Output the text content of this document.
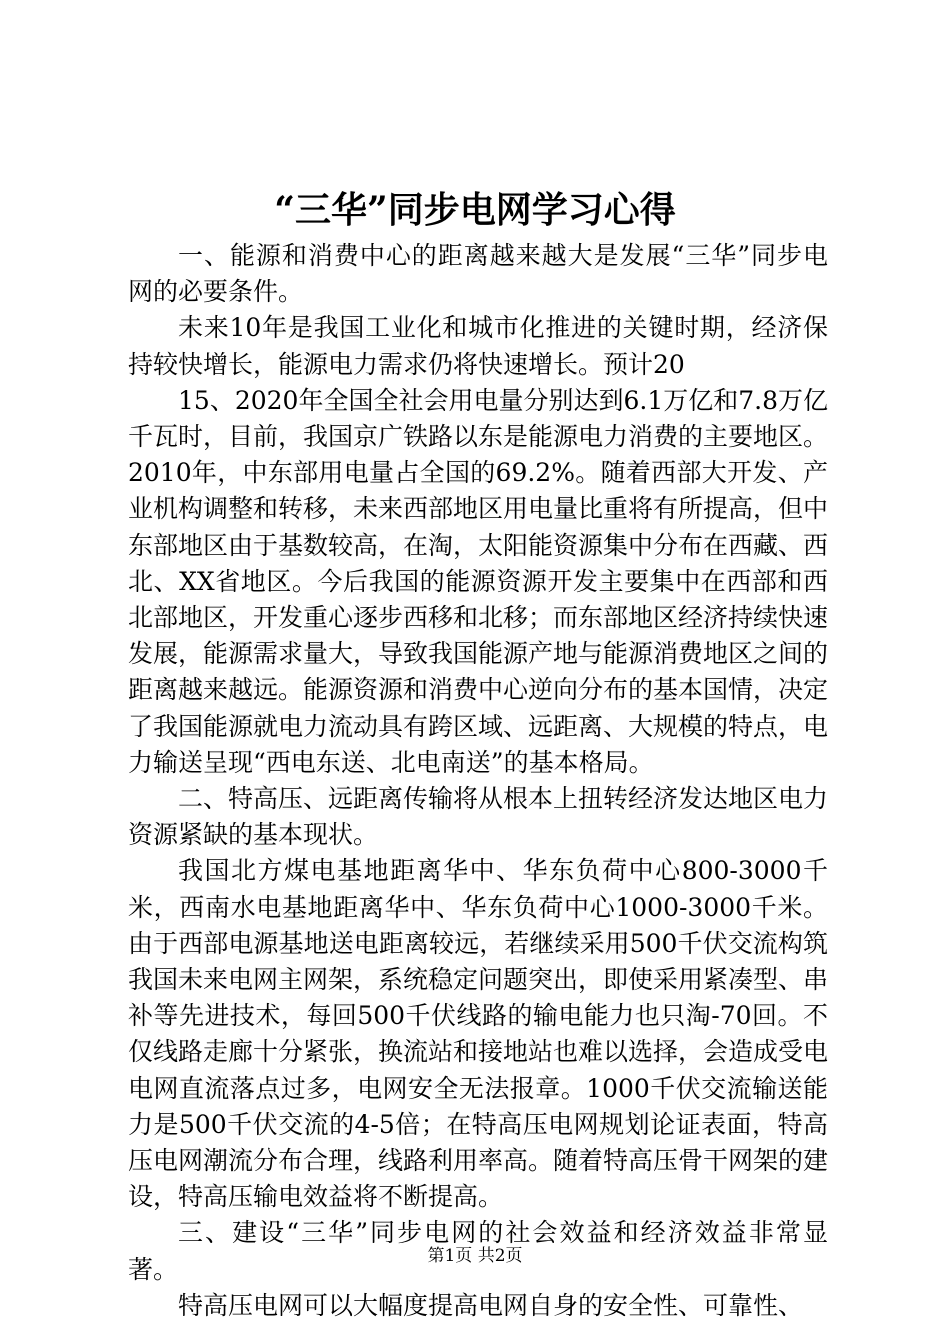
“三华”同步电网学习心得

一、能源和消费中心的距离越来越大是发展“三华”同步电网的必要条件。

未来10年是我国工业化和城市化推进的关键时期，经济保持较快增长，能源电力需求仍将快速增长。预计20

15、2020年全国全社会用电量分别达到6.1万亿和7.8万亿千瓦时，目前，我国京广铁路以东是能源电力消费的主要地区。2010年，中东部用电量占全国的69.2%。随着西部大开发、产业机构调整和转移，未来西部地区用电量比重将有所提高，但中东部地区由于基数较高，在淘，太阳能资源集中分布在西藏、西北、XX省地区。今后我国的能源资源开发主要集中在西部和西北部地区，开发重心逐步西移和北移；而东部地区经济持续快速发展，能源需求量大，导致我国能源产地与能源消费地区之间的距离越来越远。能源资源和消费中心逆向分布的基本国情，决定了我国能源就电力流动具有跨区域、远距离、大规模的特点，电力输送呈现“西电东送、北电南送”的基本格局。

二、特高压、远距离传输将从根本上扭转经济发达地区电力资源紧缺的基本现状。

我国北方煤电基地距离华中、华东负荷中心800-3000千米，西南水电基地距离华中、华东负荷中心1000-3000千米。由于西部电源基地送电距离较远，若继续采用500千伏交流构筑我国未来电网主网架，系统稳定问题突出，即使采用紧凑型、串补等先进技术，每回500千伏线路的输电能力也只淘-70回。不仅线路走廊十分紧张，换流站和接地站也难以选择，会造成受电电网直流落点过多，电网安全无法报章。1000千伏交流输送能力是500千伏交流的4-5倍；在特高压电网规划论证表面，特高压电网潮流分布合理，线路利用率高。随着特高压骨干网架的建设，特高压输电效益将不断提高。

三、建设“三华”同步电网的社会效益和经济效益非常显著。

特高压电网可以大幅度提高电网自身的安全性、可靠性、

第1页 共2页
